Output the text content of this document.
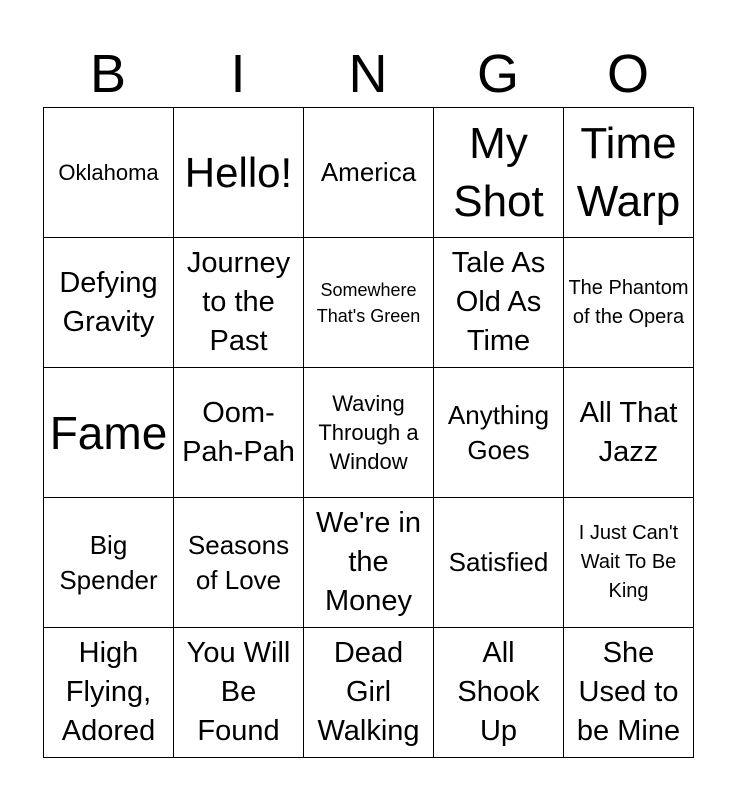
B	I	N	G	O
Oklahoma	Hello!	America	My Shot	Time Warp

Defying Gravity	Journey to the Past	Somewhere That's Green	Tale As Old As Time	The Phantom of the Opera

Fame	Oom-Pah-Pah	Waving Through a Window	Anything Goes	All That Jazz

Big Spender	Seasons of Love	We're in the Money	Satisfied	I Just Can't Wait To Be King

High Flying, Adored	You Will Be Found	Dead Girl Walking	All Shook Up	She Used to be Mine
